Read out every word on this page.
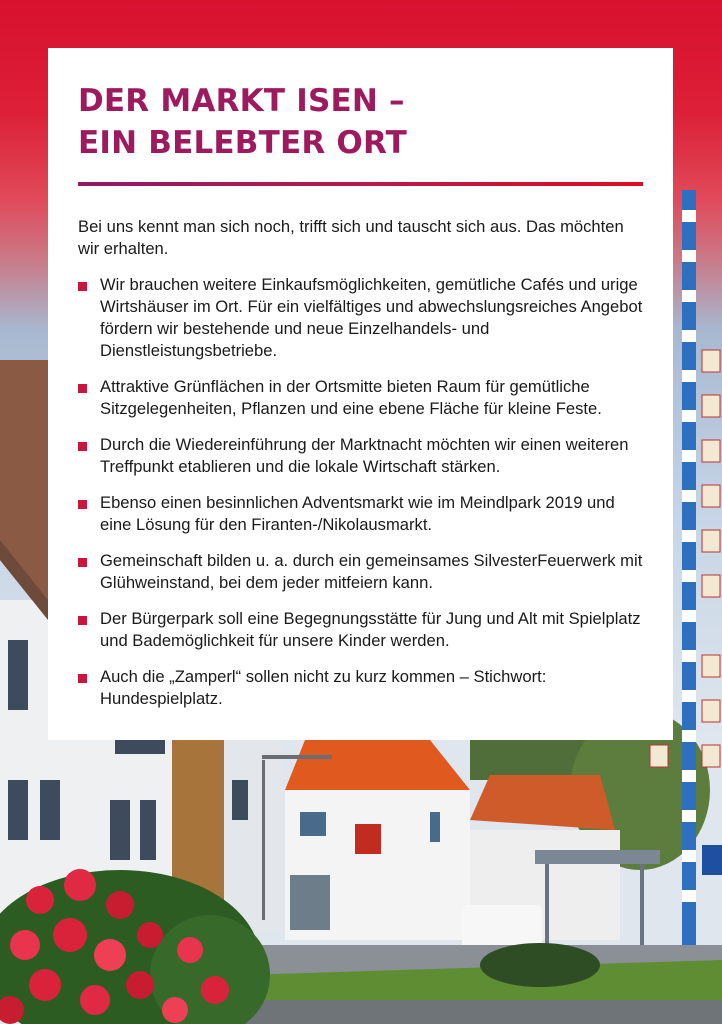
DER MARKT ISEN –
EIN BELEBTER ORT

Bei uns kennt man sich noch, trifft sich und tauscht sich aus. Das möchten wir erhalten.

Wir brauchen weitere Einkaufsmöglichkeiten, gemütliche Cafés und urige Wirtshäuser im Ort. Für ein vielfältiges und abwechslungsreiches Angebot fördern wir bestehende und neue Einzelhandels- und Dienstleistungsbetriebe.
Attraktive Grünflächen in der Ortsmitte bieten Raum für gemütliche Sitzgelegenheiten, Pflanzen und eine ebene Fläche für kleine Feste.
Durch die Wiedereinführung der Marktnacht möchten wir einen weiteren Treffpunkt etablieren und die lokale Wirtschaft stärken.
Ebenso einen besinnlichen Adventsmarkt wie im Meindlpark 2019 und eine Lösung für den Firanten-/Nikolausmarkt.
Gemeinschaft bilden u. a. durch ein gemeinsames SilvesterFeuerwerk mit Glühweinstand, bei dem jeder mitfeiern kann.
Der Bürgerpark soll eine Begegnungsstätte für Jung und Alt mit Spielplatz und Bademöglichkeit für unsere Kinder werden.
Auch die „Zamperl“ sollen nicht zu kurz kommen – Stichwort: Hundespielplatz.
